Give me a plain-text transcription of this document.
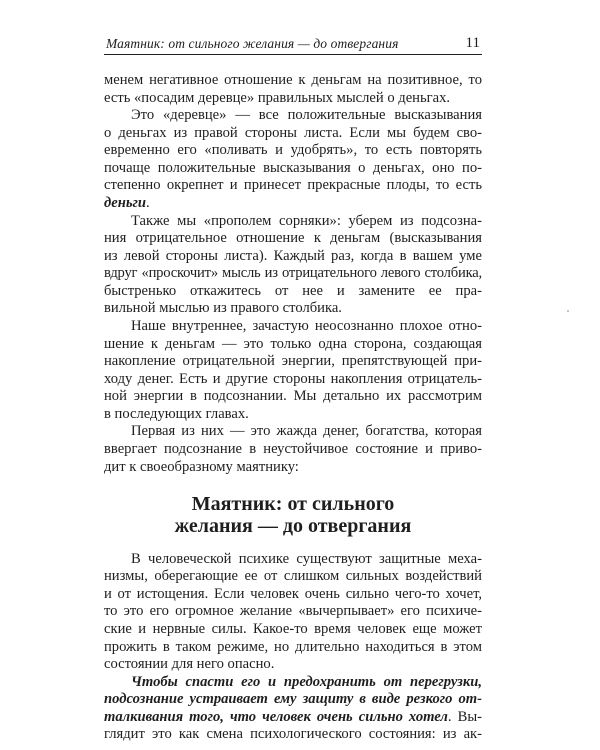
Маятник: от сильного желания — до отвергания	11
менем негативное отношение к деньгам на позитивное, то
есть «посадим деревце» правильных мыслей о деньгах.
Это «деревце» — все положительные высказывания
о деньгах из правой стороны листа. Если мы будем сво-
евременно его «поливать и удобрять», то есть повторять
почаще положительные высказывания о деньгах, оно по-
степенно окрепнет и принесет прекрасные плоды, то есть
деньги.
Также мы «прополем сорняки»: уберем из подсозна-
ния отрицательное отношение к деньгам (высказывания
из левой стороны листа). Каждый раз, когда в вашем уме
вдруг «проскочит» мысль из отрицательного левого столбика,
быстренько откажитесь от нее и замените ее пра-
вильной мыслью из правого столбика.
Наше внутреннее, зачастую неосознанно плохое отно-
шение к деньгам — это только одна сторона, создающая
накопление отрицательной энергии, препятствующей при-
ходу денег. Есть и другие стороны накопления отрицатель-
ной энергии в подсознании. Мы детально их рассмотрим
в последующих главах.
Первая из них — это жажда денег, богатства, которая
ввергает подсознание в неустойчивое состояние и приво-
дит к своеобразному маятнику:
Маятник: от сильного
желания — до отвергания
В человеческой психике существуют защитные меха-
низмы, оберегающие ее от слишком сильных воздействий
и от истощения. Если человек очень сильно чего-то хочет,
то это его огромное желание «вычерпывает» его психиче-
ские и нервные силы. Какое-то время человек еще может
прожить в таком режиме, но длительно находиться в этом
состоянии для него опасно.
Чтобы спасти его и предохранить от перегрузки,
подсознание устраивает ему защиту в виде резкого от-
талкивания того, что человек очень сильно хотел. Вы-
глядит это как смена психологического состояния: из ак-
